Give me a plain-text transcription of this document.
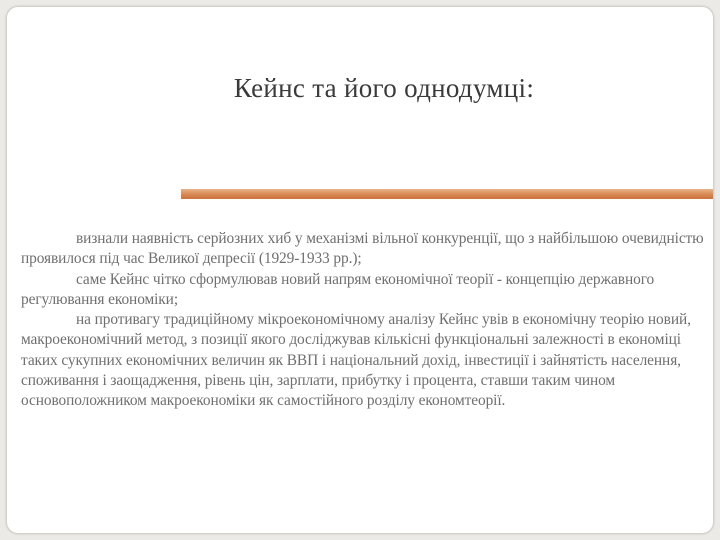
Кейнс та його однодумці:

визнали наявність серйозних хиб у механізмі вільної конкуренції, що з найбільшою очевидністю проявилося під час Великої депресії (1929-1933 рр.);

саме Кейнс чітко сформулював новий напрям економічної теорії - концепцію державного регулювання економіки;

на противагу традиційному мікроекономічному аналізу Кейнс увів в економічну теорію новий, макроекономічний метод, з позиції якого досліджував кількісні функціональні залежності в економіці таких сукупних економічних величин як ВВП і національний дохід, інвестиції і зайнятість населення, споживання і заощадження, рівень цін, зарплати, прибутку і процента, ставши таким чином основоположником макроекономіки як самостійного розділу економтеорії.
